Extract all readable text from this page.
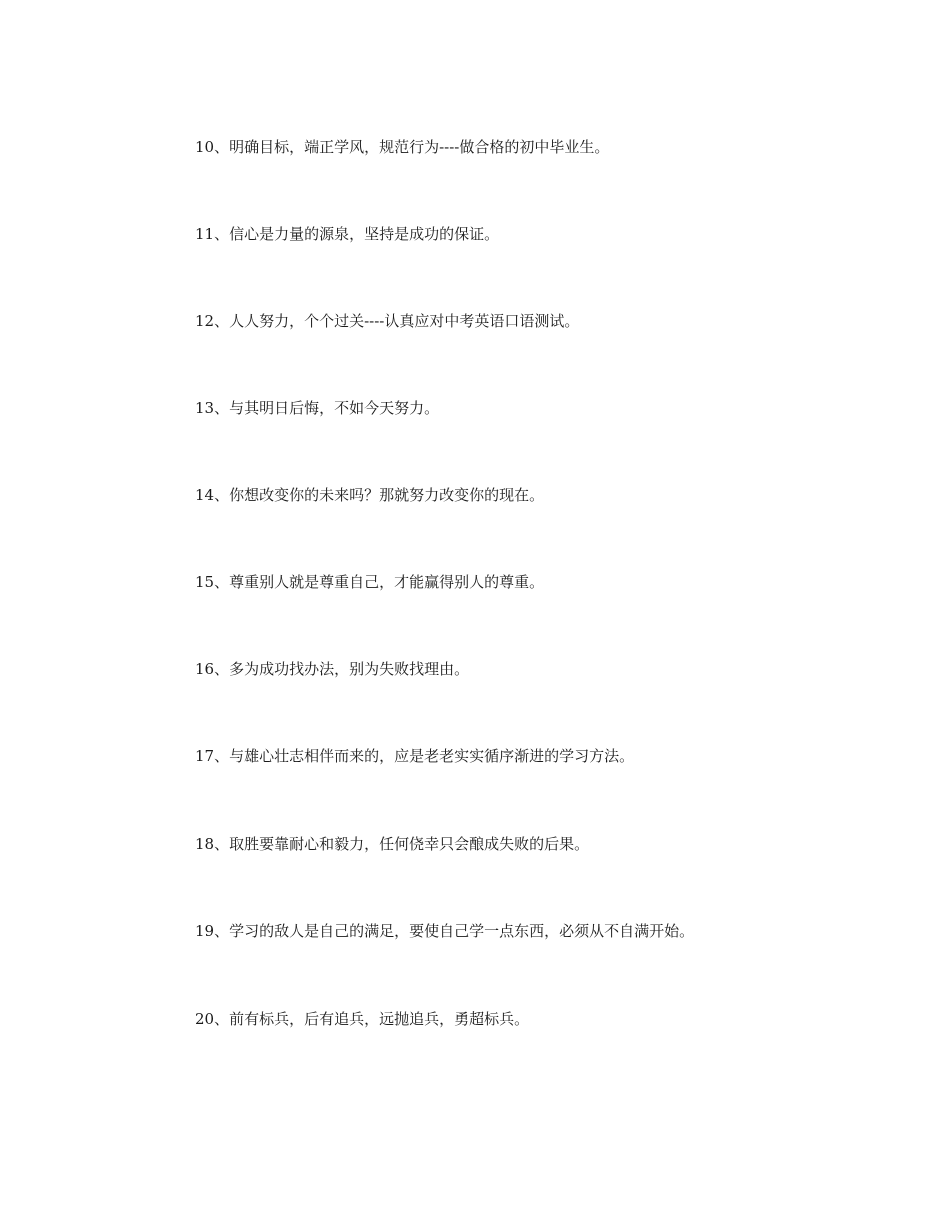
10、明确目标，端正学风，规范行为----做合格的初中毕业生。
11、信心是力量的源泉，坚持是成功的保证。
12、人人努力，个个过关----认真应对中考英语口语测试。
13、与其明日后悔，不如今天努力。
14、你想改变你的未来吗？那就努力改变你的现在。
15、尊重别人就是尊重自己，才能赢得别人的尊重。
16、多为成功找办法，别为失败找理由。
17、与雄心壮志相伴而来的，应是老老实实循序渐进的学习方法。
18、取胜要靠耐心和毅力，任何侥幸只会酿成失败的后果。
19、学习的敌人是自己的满足，要使自己学一点东西，必须从不自满开始。
20、前有标兵，后有追兵，远抛追兵，勇超标兵。
